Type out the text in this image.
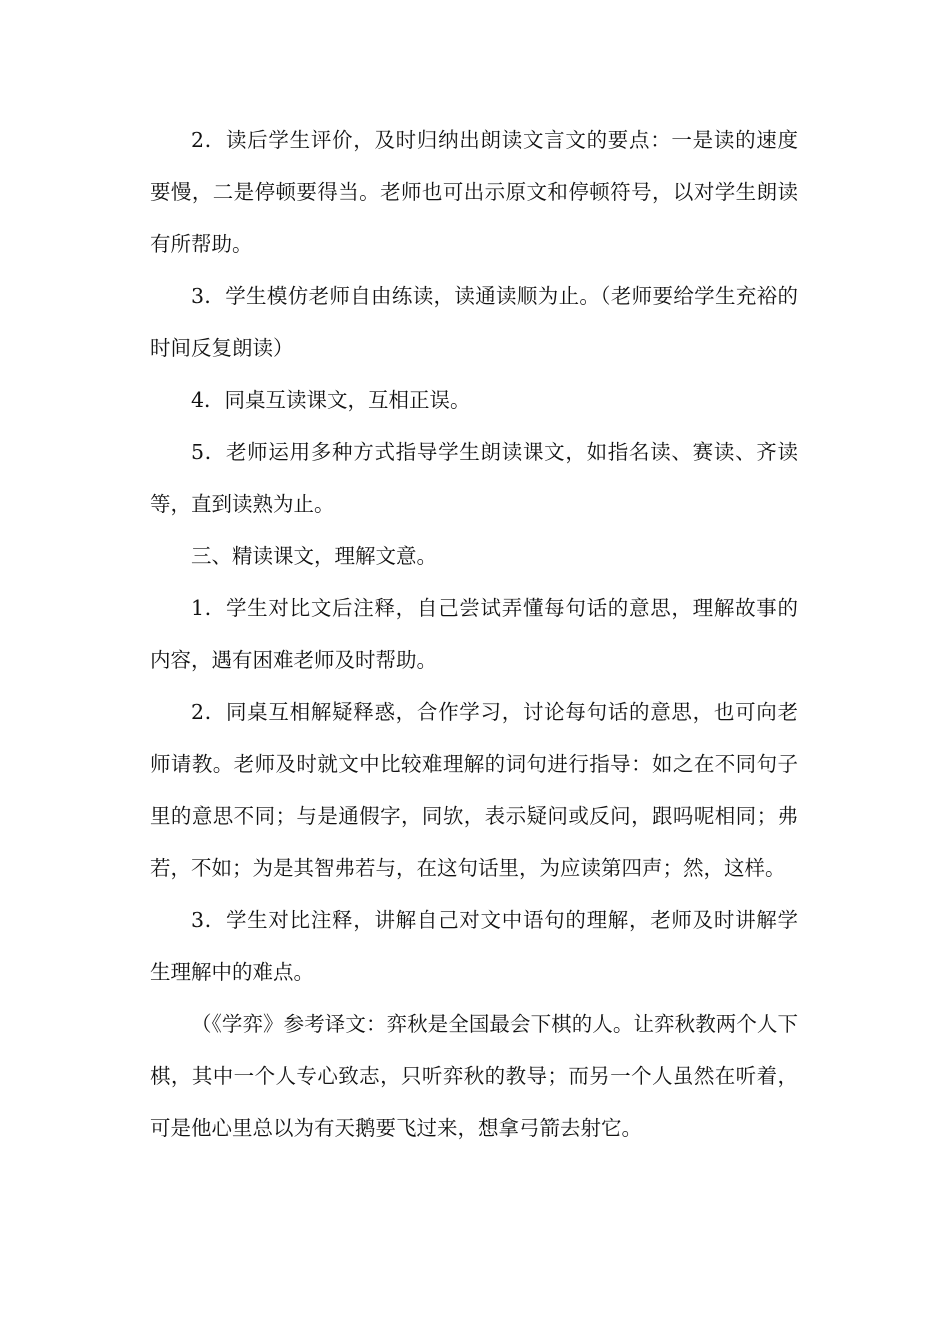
2．读后学生评价，及时归纳出朗读文言文的要点：一是读的速度要慢，二是停顿要得当。老师也可出示原文和停顿符号，以对学生朗读有所帮助。

3．学生模仿老师自由练读，读通读顺为止。（老师要给学生充裕的时间反复朗读）

4．同桌互读课文，互相正误。

5．老师运用多种方式指导学生朗读课文，如指名读、赛读、齐读等，直到读熟为止。

三、精读课文，理解文意。

1．学生对比文后注释，自己尝试弄懂每句话的意思，理解故事的内容，遇有困难老师及时帮助。

2．同桌互相解疑释惑，合作学习，讨论每句话的意思，也可向老师请教。老师及时就文中比较难理解的词句进行指导：如之在不同句子里的意思不同；与是通假字，同欤，表示疑问或反问，跟吗呢相同；弗若，不如；为是其智弗若与，在这句话里，为应读第四声；然，这样。

3．学生对比注释，讲解自己对文中语句的理解，老师及时讲解学生理解中的难点。

（《学弈》参考译文：弈秋是全国最会下棋的人。让弈秋教两个人下棋，其中一个人专心致志，只听弈秋的教导；而另一个人虽然在听着，可是他心里总以为有天鹅要飞过来，想拿弓箭去射它。
